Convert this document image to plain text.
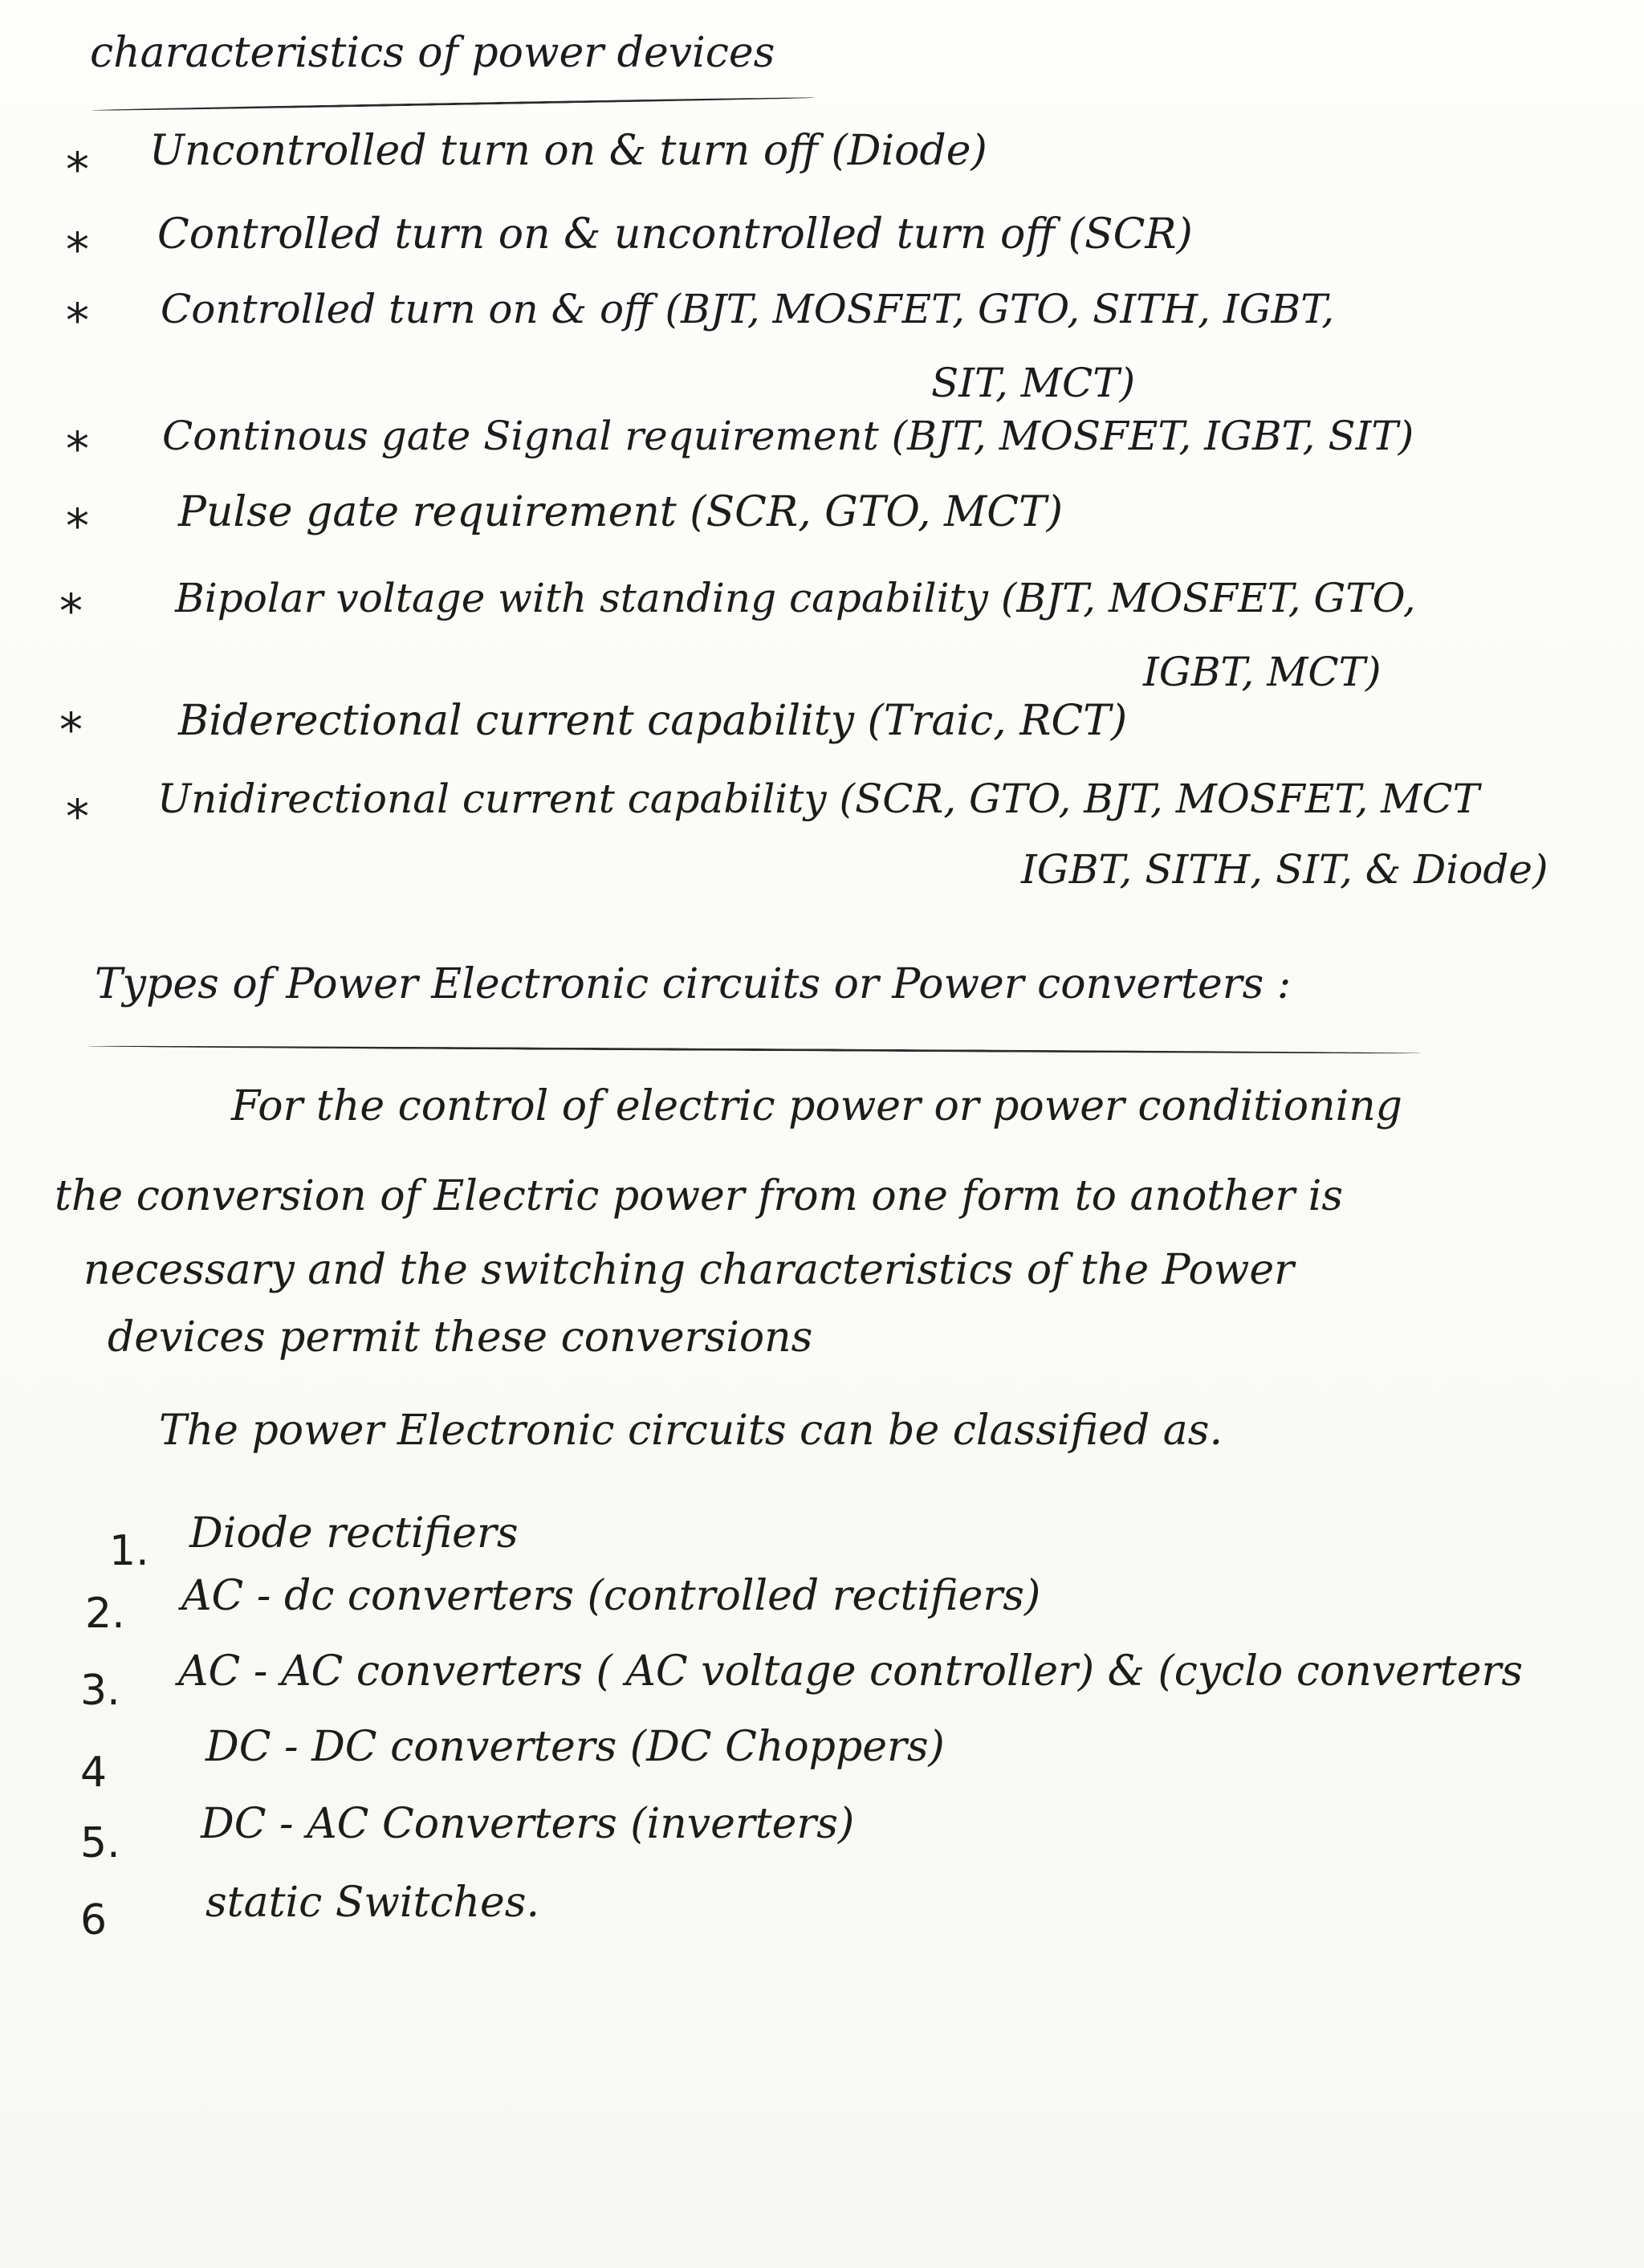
characteristics of power devices
* Uncontrolled turn on & turn off (Diode)
* Controlled turn on & uncontrolled turn off (SCR)
* Controlled turn on & off (BJT, MOSFET, GTO, SITH, IGBT,
SIT, MCT)
* Continous gate Signal requirement (BJT, MOSFET, IGBT, SIT)
* Pulse gate requirement (SCR, GTO, MCT)
* Bipolar voltage with standing capability (BJT, MOSFET, GTO,
IGBT, MCT)
* Biderectional current capability (Traic, RCT)
* Unidirectional current capability (SCR, GTO, BJT, MOSFET, MCT
IGBT, SITH, SIT, & Diode)
Types of Power Electronic circuits or Power converters :
For the control of electric power or power conditioning
the conversion of Electric power from one form to another is
necessary and the switching characteristics of the Power
devices permit these conversions
The power Electronic circuits can be classified as.
1. Diode rectifiers
2. AC - dc converters (controlled rectifiers)
3. AC - AC converters ( AC voltage controller) & (cyclo converters
4
DC - DC converters (DC Choppers)
5. DC - AC Converters (inverters)
6 static Switches.
